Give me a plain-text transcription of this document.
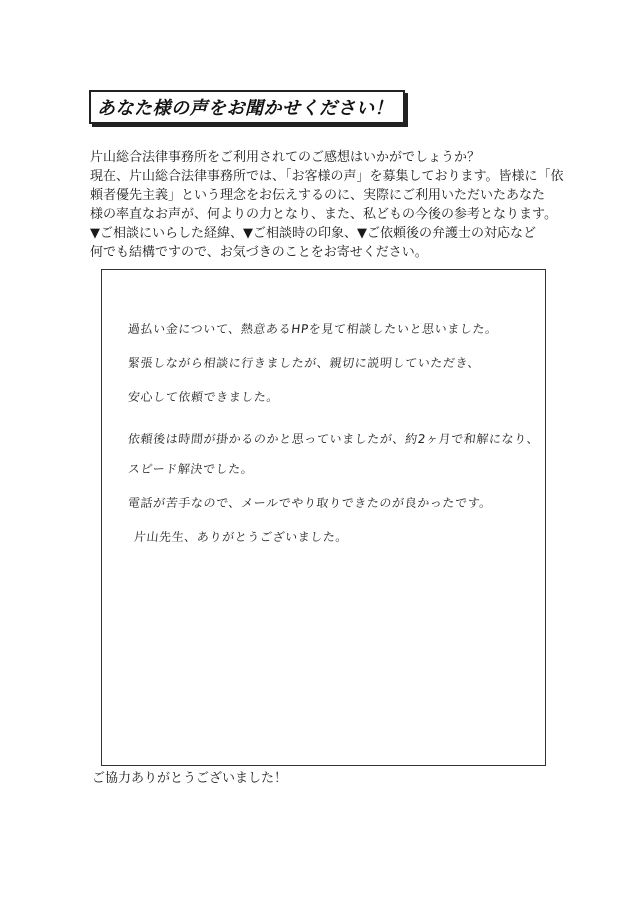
あなた様の声をお聞かせください！
片山総合法律事務所をご利用されてのご感想はいかがでしょうか？
現在、片山総合法律事務所では、「お客様の声」を募集しております。皆様に「依
頼者優先主義」という理念をお伝えするのに、実際にご利用いただいたあなた
様の率直なお声が、何よりの力となり、また、私どもの今後の参考となります。
▼ご相談にいらした経緯、▼ご相談時の印象、▼ご依頼後の弁護士の対応など
何でも結構ですので、お気づきのことをお寄せください。
過払い金について、熱意あるHPを見て相談したいと思いました。
緊張しながら相談に行きましたが、親切に説明していただき、
安心して依頼できました。
依頼後は時間が掛かるのかと思っていましたが、約2ヶ月で和解になり、
スピード解決でした。
電話が苦手なので、メールでやり取りできたのが良かったです。
片山先生、ありがとうございました。
ご協力ありがとうございました！
